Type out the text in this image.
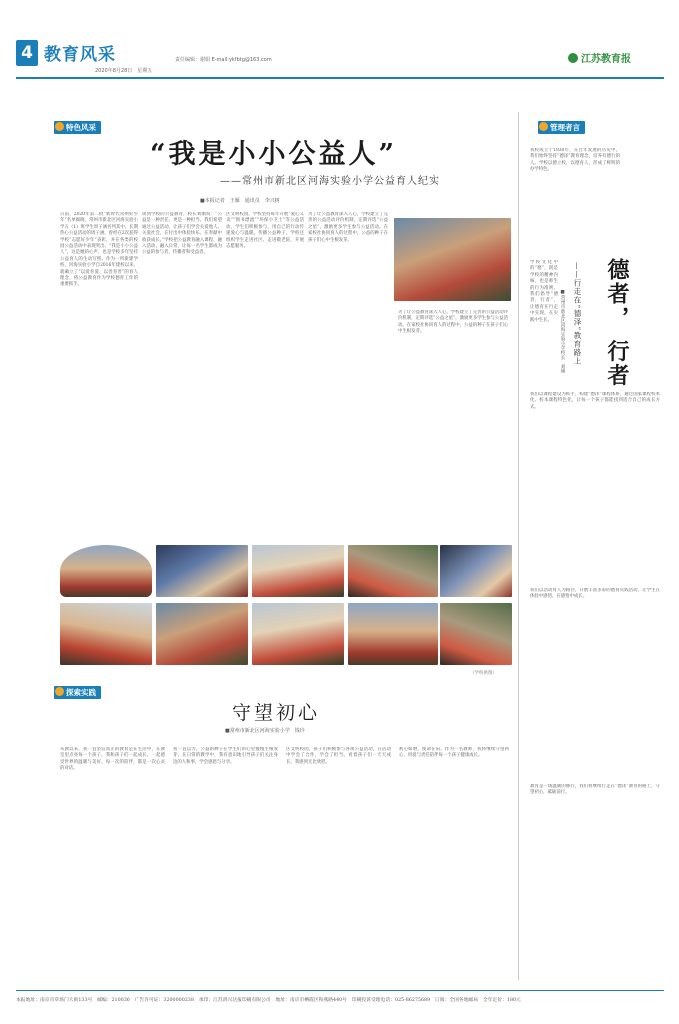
4 教育风采
2020年8月28日　星期五
责任编辑：谢娟 E-mail:ykfbtg@163.com	江苏教育报
特色风采	管理者言
探索实践
“我是小小公益人”
——常州市新北区河海实验小学公益育人纪实
■本报记者　王雁　通讯员　李兴树
日前，2020年第二批“新时代常州好少年”名单揭晓，常州市新北区河海实验小学五（1）班学生周子涵名列其中。长期热心公益活动的周子涵，曾经在2次获得学校“志愿好少年”表彰，并在各类的校园公益活动中表现突出。“我是小小公益人”，这是她的心声，也是学校多年坚持公益育人的生动写照。作为一所新建学校，河海实验小学自2016年建校以来，就确立了“以爱育爱、以善育善”的育人理念，将公益教育作为学校德育工作的重要抓手。
谈到学校的公益教育，校长刘刚说：“公益是一种责任，更是一种担当。我们希望通过公益活动，让孩子们学会关爱他人、关爱社会，在付出中体验快乐，在奉献中收获成长。”学校把公益教育融入课程、融入活动、融入日常，让每一名学生都成为公益的参与者、传播者和受益者。
区文明校园，学校坚持每年开展“爱心义卖”“图书漂流”“环保小卫士”等公益活动，学生们积极参与，用自己的行动传递爱心与温暖。传播公益种子，学校还组织学生走进社区、走进敬老院，开展志愿服务。
为了让公益教育深入人心，学校建立了完善的公益活动评价机制，定期评选“公益之星”，激励更多学生参与公益活动。在家校社协同育人的过程中，公益的种子在孩子们心中生根发芽。
为了让公益教育深入人心，学校建立了完善的公益活动评价机制，定期评选“公益之星”，激励更多学生参与公益活动。在家校社协同育人的过程中，公益的种子在孩子们心中生根发芽。
（学校供图）
守望初心
■常州市新北区河海实验小学　钱玲
从教以来，我一直坚信真正的教育是在生活中，在教室里点亮每一个孩子。我和孩子们一起成长，一起感受世界的温暖与美好。每一次的陪伴，都是一次心灵的对话。
我一直以为，公益的种子在学生们的心里慢慢生根发芽。在日常的教学中，我有意识地引导孩子们关注身边的人和事，学会感恩与分享。
区文明校园，孩子们积极参与各项公益活动，在活动中学会了合作，学会了担当。看着孩子们一天天成长，我感到无比欣慰。
初心如磐，使命在肩。作为一名教师，我将继续守望初心，用爱与责任陪伴每一个孩子健康成长。
德者， 行者
——行走在“德泽”教育路上
■常州市新北区河海实验小学校长　刘刚
我校成立于1930年，在百年发展的历史中，我们始终坚持“德泽”教育理念，培养有德行的人。学校以德立校，以德育人，形成了鲜明的办学特色。
学校文化中的“德”，既是学校的精神内核，也是师生的行为准则。我们倡导“德者，行者”，让德育在行走中实现，在实践中生长。
我们以课程建设为抓手，构建“德泽”课程体系，通过国家课程校本化、校本课程特色化，让每一个孩子都能找到适合自己的成长方式。
我们以活动育人为路径，开展丰富多彩的德育实践活动，让学生在体验中感悟，在感悟中成长。
教育是一场温暖的修行，我们将继续行走在“德泽”教育的路上，守望初心，砥砺前行。
本报地址：南京市草场门大街133号　邮编：210036　广告许可证：3200000238　承印：江苏鸿兴达报印刷有限公司　地址：南京市栖霞区和燕路440号　印刷投诉受理电话：025-86275689　订阅：全国各地邮局　全年定价：180元
